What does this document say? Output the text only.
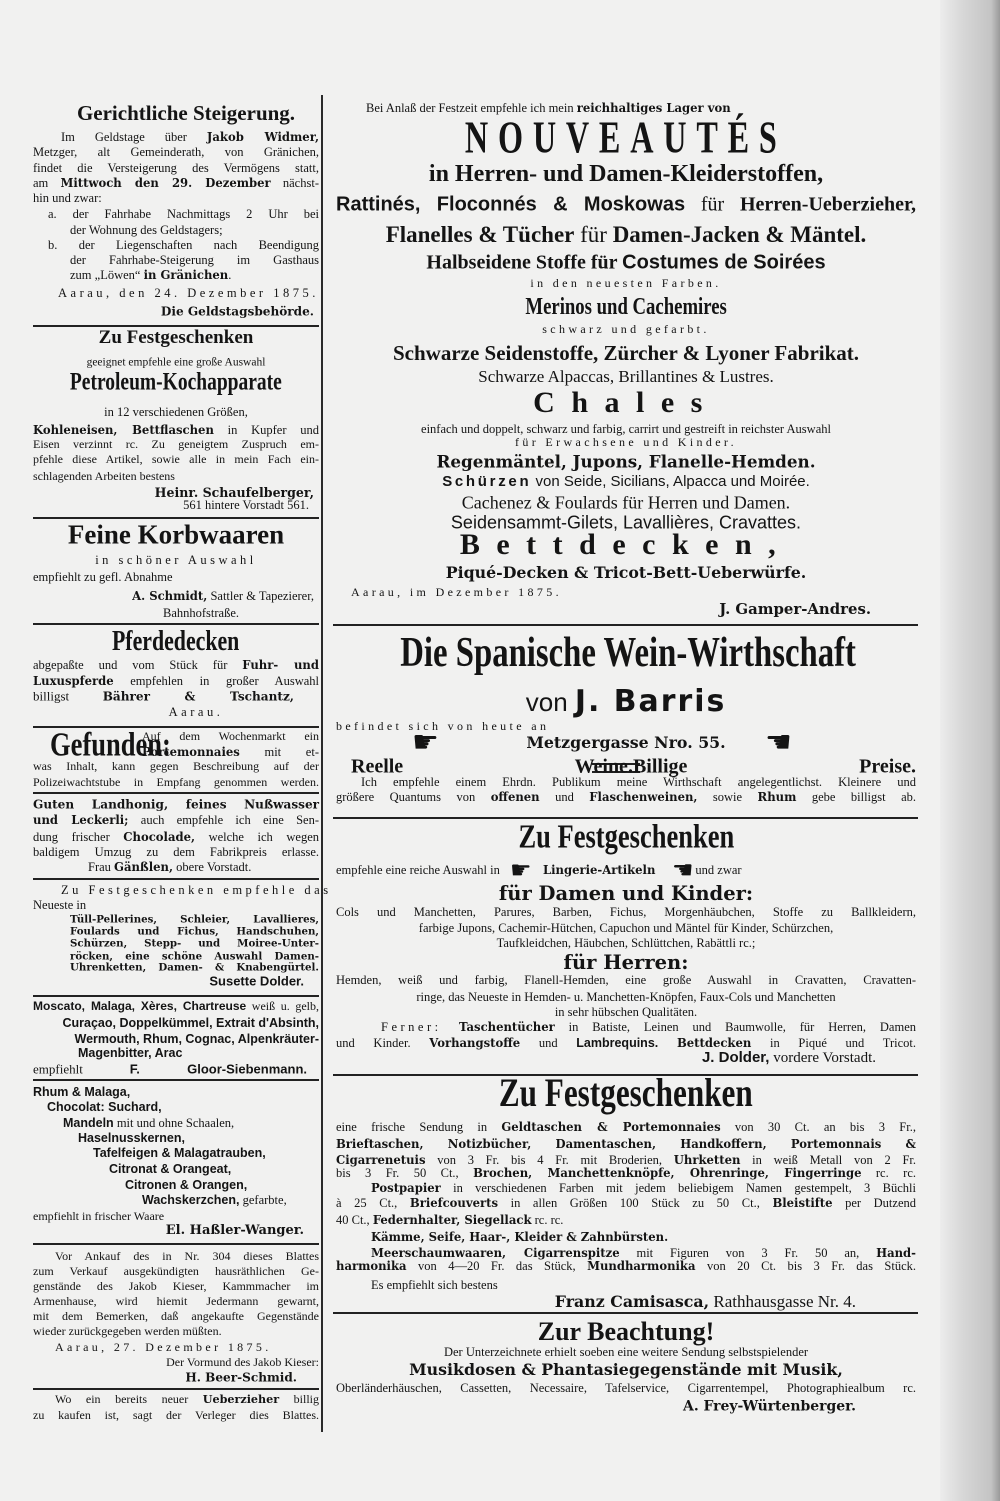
☛	☚
☛	☚
Gerichtliche Steigerung.
Im Geldstage über Jakob Widmer,
Metzger, alt Gemeinderath, von Gränichen,
findet die Versteigerung des Vermögens statt,
am Mittwoch den 29. Dezember nächst-
hin und zwar:
a. der Fahrhabe Nachmittags 2 Uhr bei
der Wohnung des Geldstagers;
b. der Liegenschaften nach Beendigung
der Fahrhabe-Steigerung im Gasthaus
zum „Löwen“ in Gränichen.
Aarau, den 24. Dezember 1875.
Die Geldstagsbehörde.
Zu Festgeschenken
geeignet empfehle eine große Auswahl
Petroleum-Kochapparate
in 12 verschiedenen Größen,
Kohleneisen, Bettflaschen in Kupfer und
Eisen verzinnt rc. Zu geneigtem Zuspruch em-
pfehle diese Artikel, sowie alle in mein Fach ein-
schlagenden Arbeiten bestens
Heinr. Schaufelberger,
561 hintere Vorstadt 561.
Feine Korbwaaren
in schöner Auswahl
empfiehlt zu gefl. Abnahme
A. Schmidt, Sattler & Tapezierer,
Bahnhofstraße.
Pferdedecken
abgepaßte und vom Stück für Fuhr- und
Luxuspferde empfehlen in großer Auswahl
billigst Bährer & Tschantz,
Aarau.
Gefunden:
Auf dem Wochenmarkt ein
Portemonnaies mit et-
was Inhalt, kann gegen Beschreibung auf der
Polizeiwachtstube in Empfang genommen werden.
Guten Landhonig, feines Nußwasser
und Leckerli; auch empfehle ich eine Sen-
dung frischer Chocolade, welche ich wegen
baldigem Umzug zu dem Fabrikpreis erlasse.
Frau Gänßlen, obere Vorstadt.
Zu Festgeschenken empfehle das
Neueste in
Tüll-Pellerines, Schleier, Lavallieres,
Foulards und Fichus, Handschuhen,
Schürzen, Stepp- und Moiree-Unter-
röcken, eine schöne Auswahl Damen-
Uhrenketten, Damen- & Knabengürtel.
Susette Dolder.
Moscato, Malaga, Xères, Chartreuse weiß u. gelb,
Curaçao, Doppelkümmel, Extrait d'Absinth,
Wermouth, Rhum, Cognac, Alpenkräuter-
Magenbitter, Arac
empfiehlt F. Gloor-Siebenmann.
Rhum & Malaga,
Chocolat: Suchard,
Mandeln mit und ohne Schaalen,
Haselnusskernen,
Tafelfeigen & Malagatrauben,
Citronat & Orangeat,
Citronen & Orangen,
Wachskerzchen, gefarbte,
empfiehlt in frischer Waare
El. Haßler-Wanger.
Vor Ankauf des in Nr. 304 dieses Blattes
zum Verkauf ausgekündigten hausräthlichen Ge-
genstände des Jakob Kieser, Kammmacher im
Armenhause, wird hiemit Jedermann gewarnt,
mit dem Bemerken, daß angekaufte Gegenstände
wieder zurückgegeben werden müßten.
Aarau, 27. Dezember 1875.
Der Vormund des Jakob Kieser:
H. Beer-Schmid.
Wo ein bereits neuer Ueberzieher billig
zu kaufen ist, sagt der Verleger dies Blattes.
Bei Anlaß der Festzeit empfehle ich mein reichhaltiges Lager von
NOUVEAUTÉS
in Herren- und Damen-Kleiderstoffen,
Rattinés, Floconnés & Moskowas für Herren-Ueberzieher,
Flanelles & Tücher für Damen-Jacken & Mäntel.
Halbseidene Stoffe für Costumes de Soirées
in den neuesten Farben.
Merinos und Cachemires
schwarz und gefarbt.
Schwarze Seidenstoffe, Zürcher & Lyoner Fabrikat.
Schwarze Alpaccas, Brillantines & Lustres.
Chales
einfach und doppelt, schwarz und farbig, carrirt und gestreift in reichster Auswahl
für Erwachsene und Kinder.
Regenmäntel, Jupons, Flanelle-Hemden.
Schürzen von Seide, Sicilians, Alpacca und Moirée.
Cachenez & Foulards für Herren und Damen.
Seidensammt-Gilets, Lavallières, Cravattes.
Bettdecken,
Piqué-Decken & Tricot-Bett-Ueberwürfe.
Aarau, im Dezember 1875.
J. Gamper-Andres.
Die Spanische Wein-Wirthschaft
von J. Barris
befindet sich von heute an
Metzgergasse Nro. 55.
Reelle Weine.Billige Preise.
Ich empfehle einem Ehrdn. Publikum meine Wirthschaft angelegentlichst. Kleinere und
größere Quantums von offenen und Flaschenweinen, sowie Rhum gebe billigst ab.
Zu Festgeschenken
empfehle eine reiche Auswahl in	Lingerie-Artikeln	und zwar
für Damen und Kinder:
Cols und Manchetten, Parures, Barben, Fichus, Morgenhäubchen, Stoffe zu Ballkleidern,
farbige Jupons, Cachemir-Hütchen, Capuchon und Mäntel für Kinder, Schürzchen,
Taufkleidchen, Häubchen, Schlüttchen, Rabättli rc.;
für Herren:
Hemden, weiß und farbig, Flanell-Hemden, eine große Auswahl in Cravatten, Cravatten-
ringe, das Neueste in Hemden- u. Manchetten-Knöpfen, Faux-Cols und Manchetten
in sehr hübschen Qualitäten.
Ferner: Taschentücher in Batiste, Leinen und Baumwolle, für Herren, Damen
und Kinder. Vorhangstoffe und Lambrequins. Bettdecken in Piqué und Tricot.
J. Dolder, vordere Vorstadt.
Zu Festgeschenken
eine frische Sendung in Geldtaschen & Portemonnaies von 30 Ct. an bis 3 Fr.,
Brieftaschen, Notizbücher, Damentaschen, Handkoffern, Portemonnais &
Cigarrenetuis von 3 Fr. bis 4 Fr. mit Broderien, Uhrketten in weiß Metall von 2 Fr.
bis 3 Fr. 50 Ct., Brochen, Manchettenknöpfe, Ohrenringe, Fingerringe rc. rc.
Postpapier in verschiedenen Farben mit jedem beliebigem Namen gestempelt, 3 Büchli
à 25 Ct., Briefcouverts in allen Größen 100 Stück zu 50 Ct., Bleistifte per Dutzend
40 Ct., Federnhalter, Siegellack rc. rc.
Kämme, Seife, Haar-, Kleider & Zahnbürsten.
Meerschaumwaaren, Cigarrenspitze mit Figuren von 3 Fr. 50 an, Hand-
harmonika von 4—20 Fr. das Stück, Mundharmonika von 20 Ct. bis 3 Fr. das Stück.
Es empfiehlt sich bestens
Franz Camisasca, Rathhausgasse Nr. 4.
Zur Beachtung!
Der Unterzeichnete erhielt soeben eine weitere Sendung selbstspielender
Musikdosen & Phantasiegegenstände mit Musik,
Oberländerhäuschen, Cassetten, Necessaire, Tafelservice, Cigarrentempel, Photographiealbum rc.
A. Frey-Würtenberger.
